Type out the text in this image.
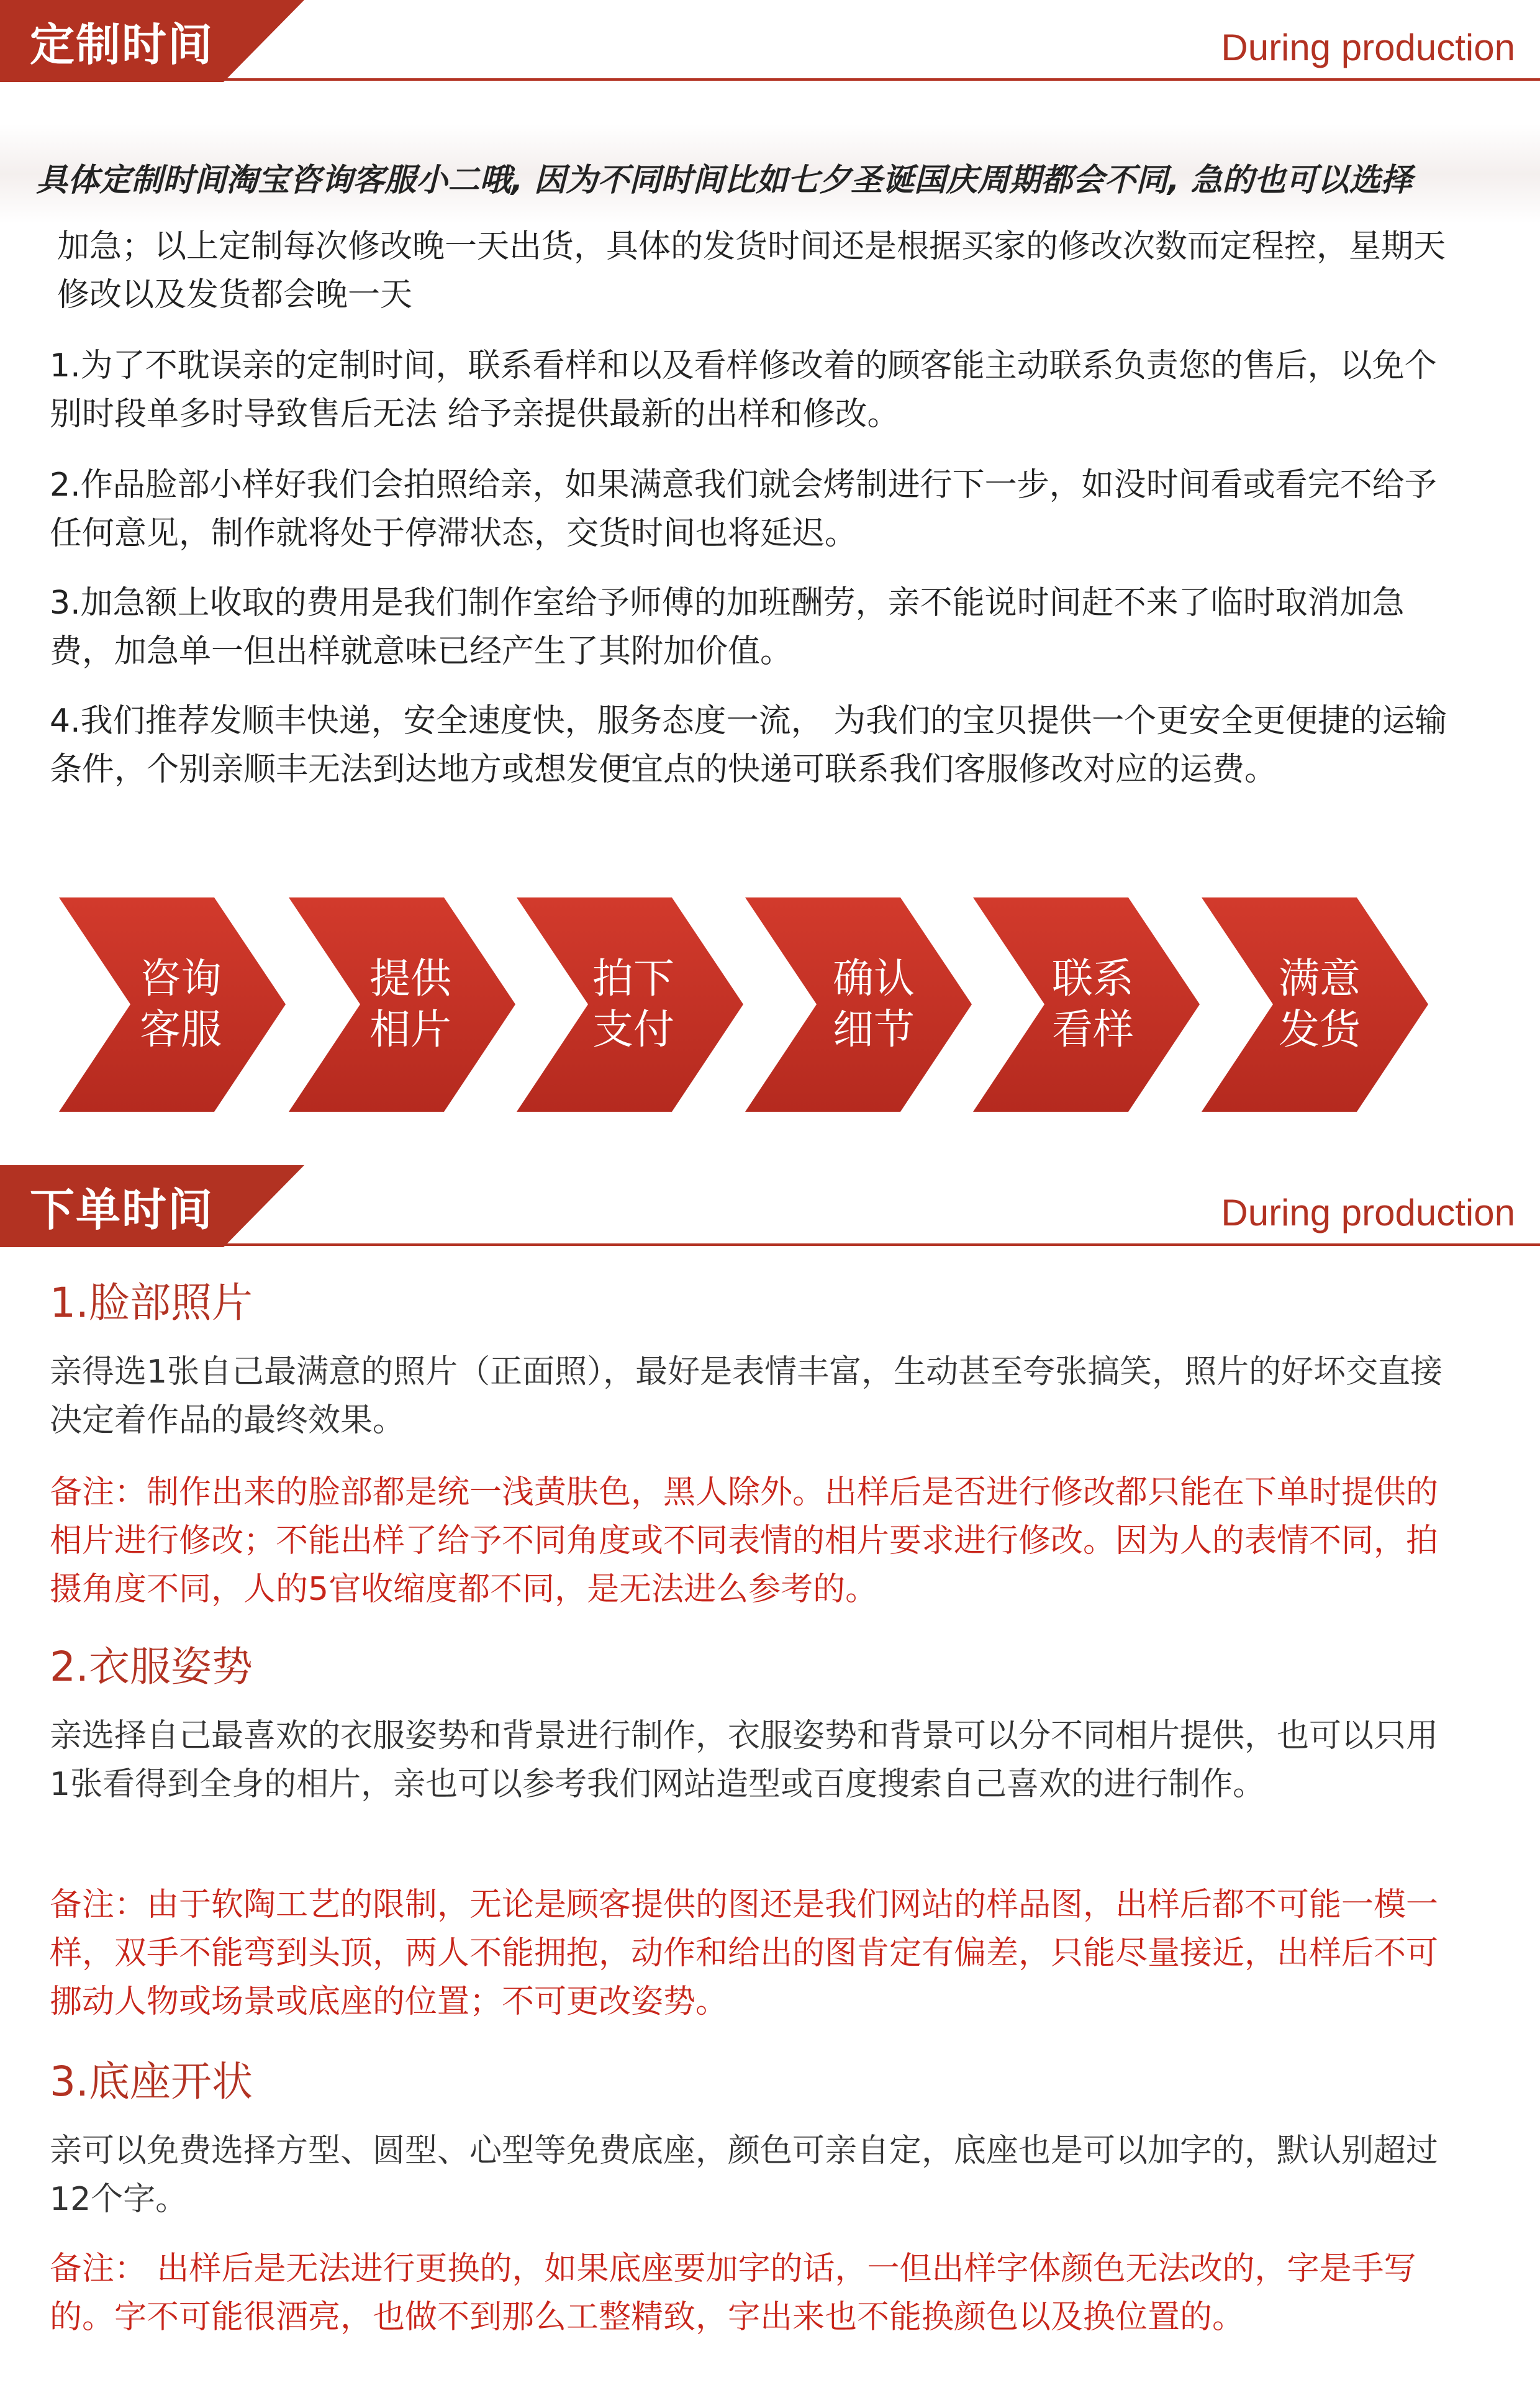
定制时间	During production
具体定制时间淘宝咨询客服小二哦, 因为不同时间比如七夕圣诞国庆周期都会不同, 急的也可以选择
加急；以上定制每次修改晚一天出货，具体的发货时间还是根据买家的修改次数而定程控，星期天修改以及发货都会晚一天
1.为了不耽误亲的定制时间，联系看样和以及看样修改着的顾客能主动联系负责您的售后，以免个别时段单多时导致售后无法 给予亲提供最新的出样和修改。
2.作品脸部小样好我们会拍照给亲，如果满意我们就会烤制进行下一步，如没时间看或看完不给予任何意见，制作就将处于停滞状态，交货时间也将延迟。
3.加急额上收取的费用是我们制作室给予师傅的加班酬劳，亲不能说时间赶不来了临时取消加急费，加急单一但出样就意味已经产生了其附加价值。
4.我们推荐发顺丰快递，安全速度快，服务态度一流， 为我们的宝贝提供一个更安全更便捷的运输条件，个别亲顺丰无法到达地方或想发便宜点的快递可联系我们客服修改对应的运费。
咨询
客服
提供
相片
拍下
支付
确认
细节
联系
看样
满意
发货
下单时间	During production
1.脸部照片
亲得选1张自己最满意的照片（正面照），最好是表情丰富，生动甚至夸张搞笑，照片的好坏交直接决定着作品的最终效果。
备注：制作出来的脸部都是统一浅黄肤色，黑人除外。出样后是否进行修改都只能在下单时提供的相片进行修改；不能出样了给予不同角度或不同表情的相片要求进行修改。因为人的表情不同，拍摄角度不同，人的5官收缩度都不同，是无法进么参考的。
2.衣服姿势
亲选择自己最喜欢的衣服姿势和背景进行制作，衣服姿势和背景可以分不同相片提供，也可以只用1张看得到全身的相片，亲也可以参考我们网站造型或百度搜索自己喜欢的进行制作。
备注：由于软陶工艺的限制，无论是顾客提供的图还是我们网站的样品图，出样后都不可能一模一样，双手不能弯到头顶，两人不能拥抱，动作和给出的图肯定有偏差，只能尽量接近，出样后不可挪动人物或场景或底座的位置；不可更改姿势。
3.底座开状
亲可以免费选择方型、圆型、心型等免费底座，颜色可亲自定，底座也是可以加字的，默认别超过12个字。
备注： 出样后是无法进行更换的，如果底座要加字的话，一但出样字体颜色无法改的，字是手写的。字不可能很酒亮，也做不到那么工整精致，字出来也不能换颜色以及换位置的。
